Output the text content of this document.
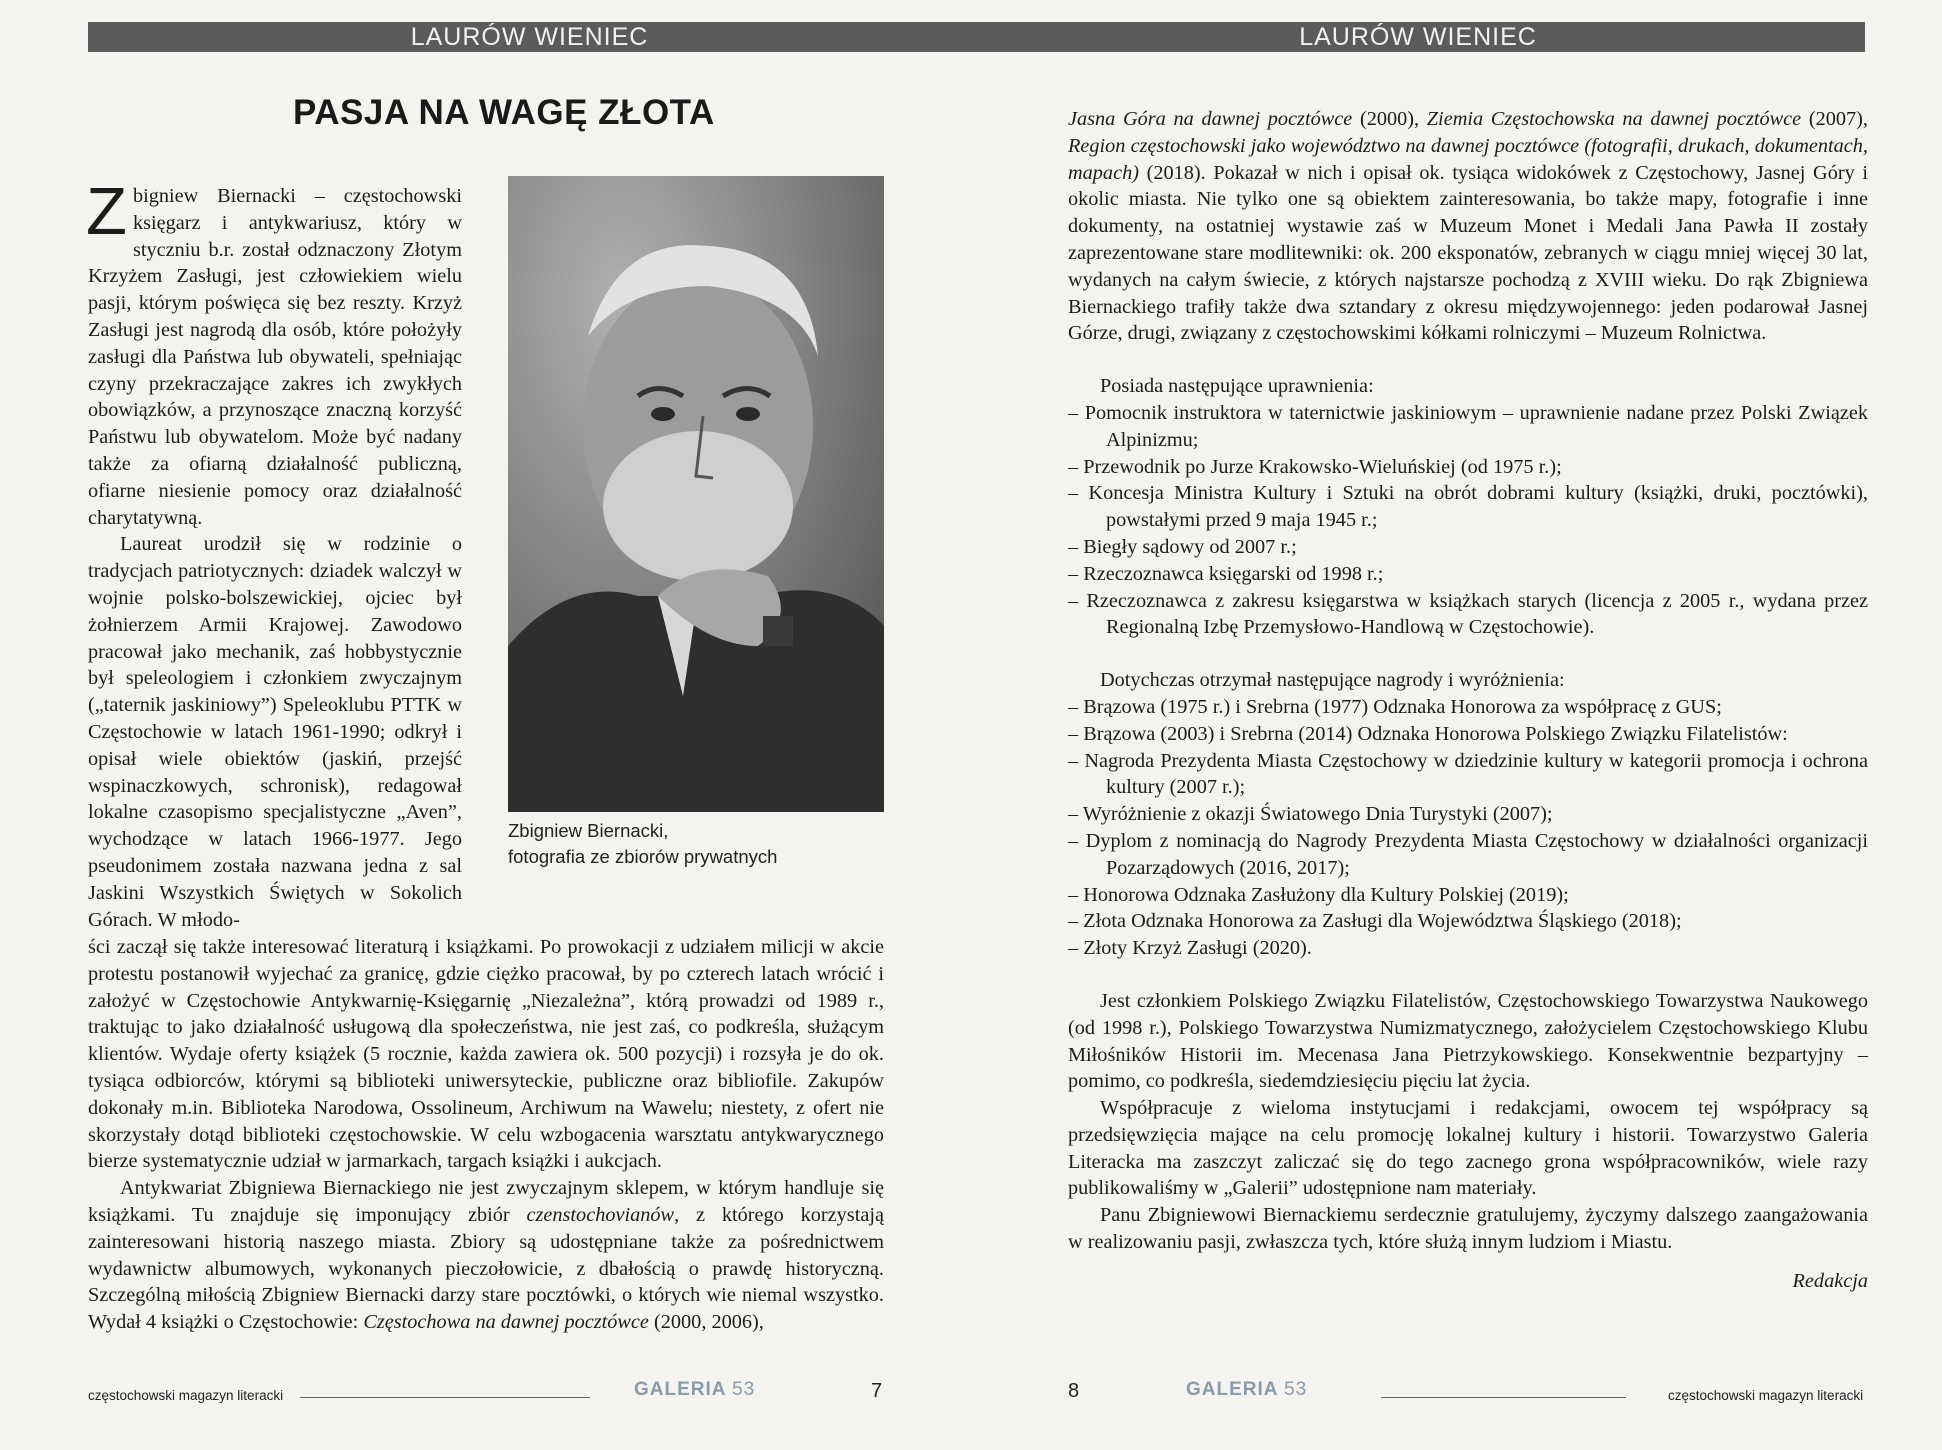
LAURÓW WIENIEC
PASJA NA WAGĘ ZŁOTA

Zbigniew Biernacki – częstochowski księgarz i antykwariusz, który w styczniu b.r. został odznaczony Złotym Krzyżem Zasługi, jest człowiekiem wielu pasji, którym poświęca się bez reszty. Krzyż Zasługi jest nagrodą dla osób, które położyły zasługi dla Państwa lub obywateli, spełniając czyny przekraczające zakres ich zwykłych obowiązków, a przynoszące znaczną korzyść Państwu lub obywatelom. Może być nadany także za ofiarną działalność publiczną, ofiarne niesienie pomocy oraz działalność charytatywną.

Laureat urodził się w rodzinie o tradycjach patriotycznych: dziadek walczył w wojnie polsko-bolszewickiej, ojciec był żołnierzem Armii Krajowej. Zawodowo pracował jako mechanik, zaś hobbystycznie był speleologiem i członkiem zwyczajnym („taternik jaskiniowy”) Speleoklubu PTTK w Częstochowie w latach 1961-1990; odkrył i opisał wiele obiektów (jaskiń, przejść wspinaczkowych, schronisk), redagował lokalne czasopismo specjalistyczne „Aven”, wychodzące w latach 1966-1977. Jego pseudonimem została nazwana jedna z sal Jaskini Wszystkich Świętych w Sokolich Górach. W młodo-

Zbigniew Biernacki,
fotografia ze zbiorów prywatnych

ści zaczął się także interesować literaturą i książkami. Po prowokacji z udziałem milicji w akcie protestu postanowił wyjechać za granicę, gdzie ciężko pracował, by po czterech latach wrócić i założyć w Częstochowie Antykwarnię-Księgarnię „Niezależna”, którą prowadzi od 1989 r., traktując to jako działalność usługową dla społeczeństwa, nie jest zaś, co podkreśla, służącym klientów. Wydaje oferty książek (5 rocznie, każda zawiera ok. 500 pozycji) i rozsyła je do ok. tysiąca odbiorców, którymi są biblioteki uniwersyteckie, publiczne oraz bibliofile. Zakupów dokonały m.in. Biblioteka Narodowa, Ossolineum, Archiwum na Wawelu; niestety, z ofert nie skorzystały dotąd biblioteki częstochowskie. W celu wzbogacenia warsztatu antykwarycznego bierze systematycznie udział w jarmarkach, targach książki i aukcjach.

Antykwariat Zbigniewa Biernackiego nie jest zwyczajnym sklepem, w którym handluje się książkami. Tu znajduje się imponujący zbiór czenstochovianów, z którego korzystają zainteresowani historią naszego miasta. Zbiory są udostępniane także za pośrednictwem wydawnictw albumowych, wykonanych pieczołowicie, z dbałością o prawdę historyczną. Szczególną miłością Zbigniew Biernacki darzy stare pocztówki, o których wie niemal wszystko. Wydał 4 książki o Częstochowie: Częstochowa na dawnej pocztówce (2000, 2006),

częstochowski magazyn literacki	GALERIA 53	7
LAURÓW WIENIEC

Jasna Góra na dawnej pocztówce (2000), Ziemia Częstochowska na dawnej pocztówce (2007), Region częstochowski jako województwo na dawnej pocztówce (fotografii, drukach, dokumentach, mapach) (2018). Pokazał w nich i opisał ok. tysiąca widokówek z Częstochowy, Jasnej Góry i okolic miasta. Nie tylko one są obiektem zainteresowania, bo także mapy, fotografie i inne dokumenty, na ostatniej wystawie zaś w Muzeum Monet i Medali Jana Pawła II zostały zaprezentowane stare modlitewniki: ok. 200 eksponatów, zebranych w ciągu mniej więcej 30 lat, wydanych na całym świecie, z których najstarsze pochodzą z XVIII wieku. Do rąk Zbigniewa Biernackiego trafiły także dwa sztandary z okresu międzywojennego: jeden podarował Jasnej Górze, drugi, związany z częstochowskimi kółkami rolniczymi – Muzeum Rolnictwa.

Posiada następujące uprawnienia:

– Pomocnik instruktora w taternictwie jaskiniowym – uprawnienie nadane przez Polski Związek Alpinizmu;

– Przewodnik po Jurze Krakowsko-Wieluńskiej (od 1975 r.);

– Koncesja Ministra Kultury i Sztuki na obrót dobrami kultury (książki, druki, pocztówki), powstałymi przed 9 maja 1945 r.;

– Biegły sądowy od 2007 r.;

– Rzeczoznawca księgarski od 1998 r.;

– Rzeczoznawca z zakresu księgarstwa w książkach starych (licencja z 2005 r., wydana przez Regionalną Izbę Przemysłowo-Handlową w Częstochowie).

Dotychczas otrzymał następujące nagrody i wyróżnienia:

– Brązowa (1975 r.) i Srebrna (1977) Odznaka Honorowa za współpracę z GUS;

– Brązowa (2003) i Srebrna (2014) Odznaka Honorowa Polskiego Związku Filatelistów:

– Nagroda Prezydenta Miasta Częstochowy w dziedzinie kultury w kategorii promocja i ochrona kultury (2007 r.);

– Wyróżnienie z okazji Światowego Dnia Turystyki (2007);

– Dyplom z nominacją do Nagrody Prezydenta Miasta Częstochowy w działalności organizacji Pozarządowych (2016, 2017);

– Honorowa Odznaka Zasłużony dla Kultury Polskiej (2019);

– Złota Odznaka Honorowa za Zasługi dla Województwa Śląskiego (2018);

– Złoty Krzyż Zasługi (2020).

Jest członkiem Polskiego Związku Filatelistów, Częstochowskiego Towarzystwa Naukowego (od 1998 r.), Polskiego Towarzystwa Numizmatycznego, założycielem Częstochowskiego Klubu Miłośników Historii im. Mecenasa Jana Pietrzykowskiego. Konsekwentnie bezpartyjny – pomimo, co podkreśla, siedemdziesięciu pięciu lat życia.

Współpracuje z wieloma instytucjami i redakcjami, owocem tej współpracy są przedsięwzięcia mające na celu promocję lokalnej kultury i historii. Towarzystwo Galeria Literacka ma zaszczyt zaliczać się do tego zacnego grona współpracowników, wiele razy publikowaliśmy w „Galerii” udostępnione nam materiały.

Panu Zbigniewowi Biernackiemu serdecznie gratulujemy, życzymy dalszego zaangażowania w realizowaniu pasji, zwłaszcza tych, które służą innym ludziom i Miastu.

Redakcja

8	GALERIA 53	częstochowski magazyn literacki
